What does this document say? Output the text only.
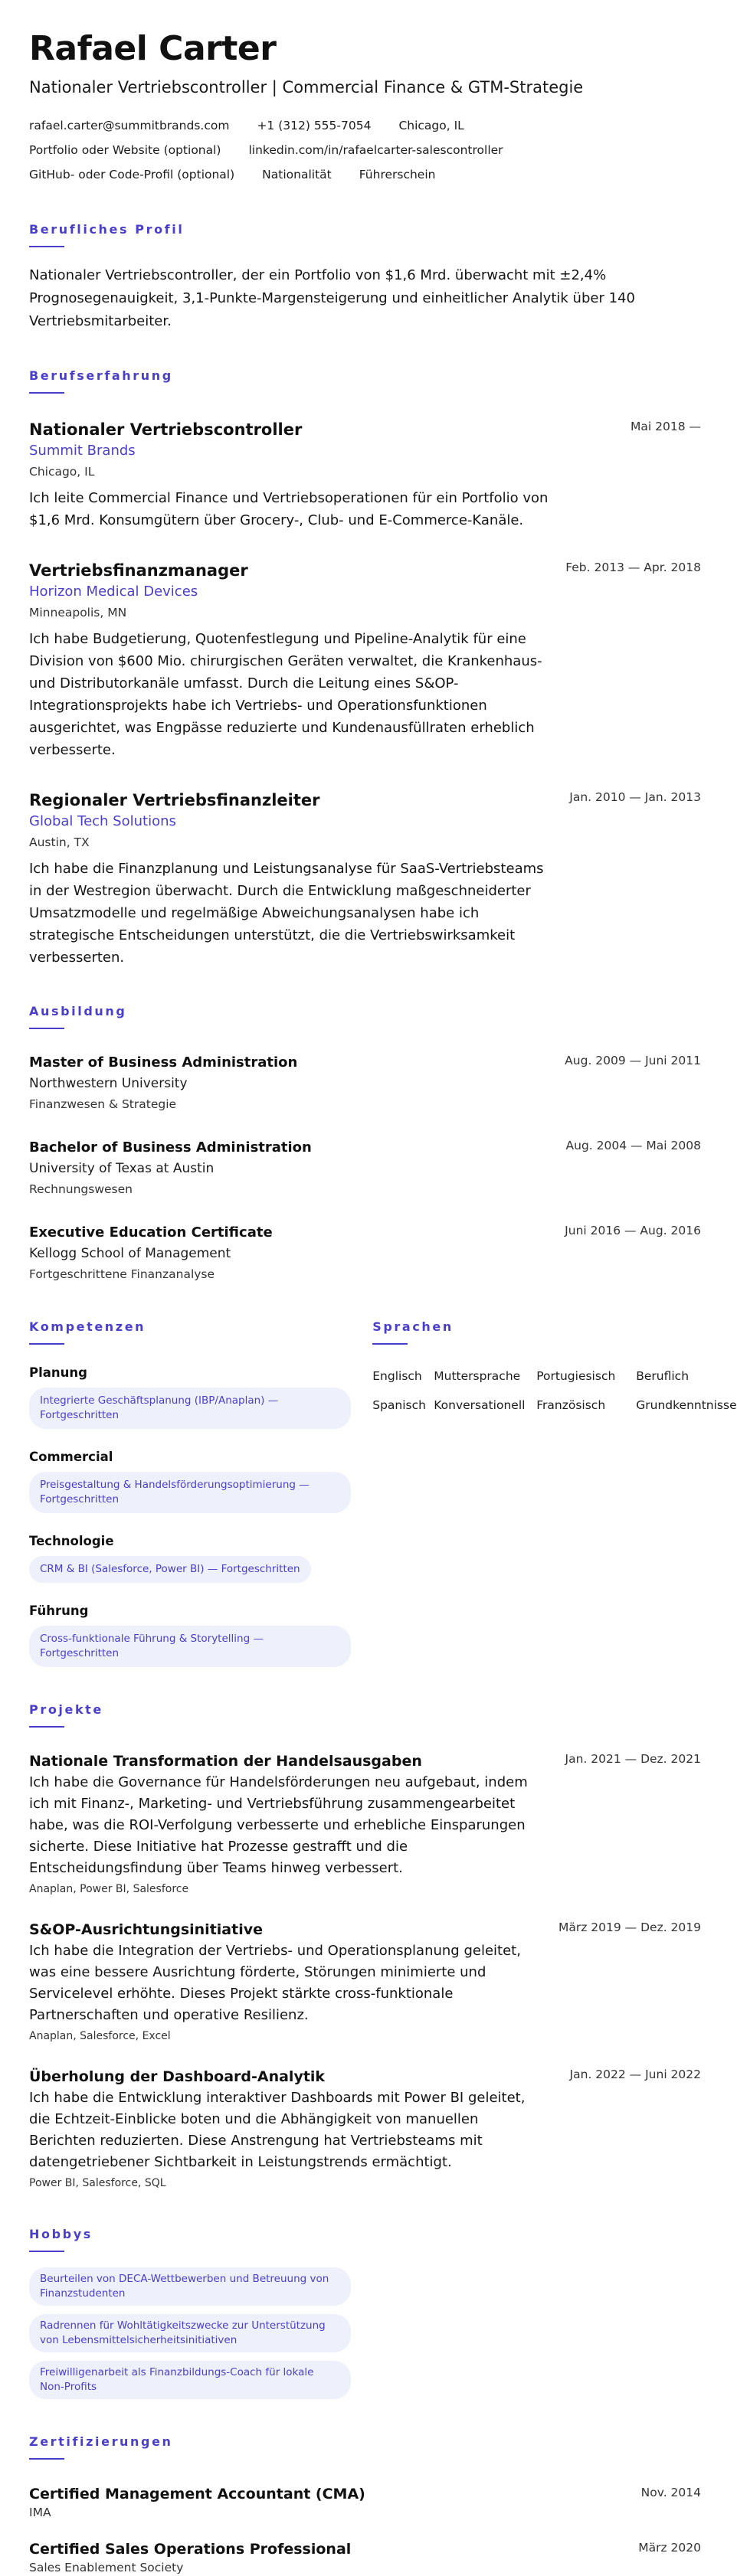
Rafael Carter
Nationaler Vertriebscontroller | Commercial Finance & GTM-Strategie
rafael.carter@summitbrands.com +1 (312) 555-7054 Chicago, IL
Portfolio oder Website (optional) linkedin.com/in/rafaelcarter-salescontroller
GitHub- oder Code-Profil (optional) Nationalität Führerschein
Berufliches Profil

Nationaler Vertriebscontroller, der ein Portfolio von $1,6 Mrd. überwacht mit ±2,4% Prognosegenauigkeit, 3,1-Punkte-Margensteigerung und einheitlicher Analytik über 140 Vertriebsmitarbeiter.

Berufserfahrung
Nationaler Vertriebscontroller
Summit Brands
Chicago, IL

Ich leite Commercial Finance und Vertriebsoperationen für ein Portfolio von $1,6 Mrd. Konsumgütern über Grocery-, Club- und E-Commerce-Kanäle.

Mai 2018 —
Vertriebsfinanzmanager
Horizon Medical Devices
Minneapolis, MN

Ich habe Budgetierung, Quotenfestlegung und Pipeline-Analytik für eine Division von $600 Mio. chirurgischen Geräten verwaltet, die Krankenhaus- und Distributorkanäle umfasst. Durch die Leitung eines S&OP-Integrationsprojekts habe ich Vertriebs- und Operationsfunktionen ausgerichtet, was Engpässe reduzierte und Kundenausfüllraten erheblich verbesserte.

Feb. 2013 — Apr. 2018
Regionaler Vertriebsfinanzleiter
Global Tech Solutions
Austin, TX

Ich habe die Finanzplanung und Leistungsanalyse für SaaS-Vertriebsteams in der Westregion überwacht. Durch die Entwicklung maßgeschneiderter Umsatzmodelle und regelmäßige Abweichungsanalysen habe ich strategische Entscheidungen unterstützt, die die Vertriebswirksamkeit verbesserten.

Jan. 2010 — Jan. 2013
Ausbildung
Master of Business Administration
Northwestern University
Finanzwesen & Strategie
Aug. 2009 — Juni 2011
Bachelor of Business Administration
University of Texas at Austin
Rechnungswesen
Aug. 2004 — Mai 2008
Executive Education Certificate
Kellogg School of Management
Fortgeschrittene Finanzanalyse
Juni 2016 — Aug. 2016
Kompetenzen
Planung
Integrierte Geschäftsplanung (IBP/Anaplan) — Fortgeschritten
Commercial
Preisgestaltung & Handelsförderungsoptimierung — Fortgeschritten
Technologie
CRM & BI (Salesforce, Power BI) — Fortgeschritten
Führung
Cross-funktionale Führung & Storytelling — Fortgeschritten
Sprachen
Englisch	Muttersprache	Portugiesisch	Beruflich
Spanisch Konversationell Französisch	Grundkenntnisse
Projekte
Nationale Transformation der Handelsausgaben

Ich habe die Governance für Handelsförderungen neu aufgebaut, indem ich mit Finanz-, Marketing- und Vertriebsführung zusammengearbeitet habe, was die ROI-Verfolgung verbesserte und erhebliche Einsparungen sicherte. Diese Initiative hat Prozesse gestrafft und die Entscheidungsfindung über Teams hinweg verbessert.

Anaplan, Power BI, Salesforce
Jan. 2021 — Dez. 2021
S&OP-Ausrichtungsinitiative

Ich habe die Integration der Vertriebs- und Operationsplanung geleitet, was eine bessere Ausrichtung förderte, Störungen minimierte und Servicelevel erhöhte. Dieses Projekt stärkte cross-funktionale Partnerschaften und operative Resilienz.

Anaplan, Salesforce, Excel
März 2019 — Dez. 2019
Überholung der Dashboard-Analytik

Ich habe die Entwicklung interaktiver Dashboards mit Power BI geleitet, die Echtzeit-Einblicke boten und die Abhängigkeit von manuellen Berichten reduzierten. Diese Anstrengung hat Vertriebsteams mit datengetriebener Sichtbarkeit in Leistungstrends ermächtigt.

Power BI, Salesforce, SQL
Jan. 2022 — Juni 2022
Hobbys
Beurteilen von DECA-Wettbewerben und Betreuung von Finanzstudenten
Radrennen für Wohltätigkeitszwecke zur Unterstützung von Lebensmittelsicherheitsinitiativen
Freiwilligenarbeit als Finanzbildungs-Coach für lokale Non-Profits
Zertifizierungen
Certified Management Accountant (CMA)
IMA
Nov. 2014
Certified Sales Operations Professional
Sales Enablement Society
März 2020
